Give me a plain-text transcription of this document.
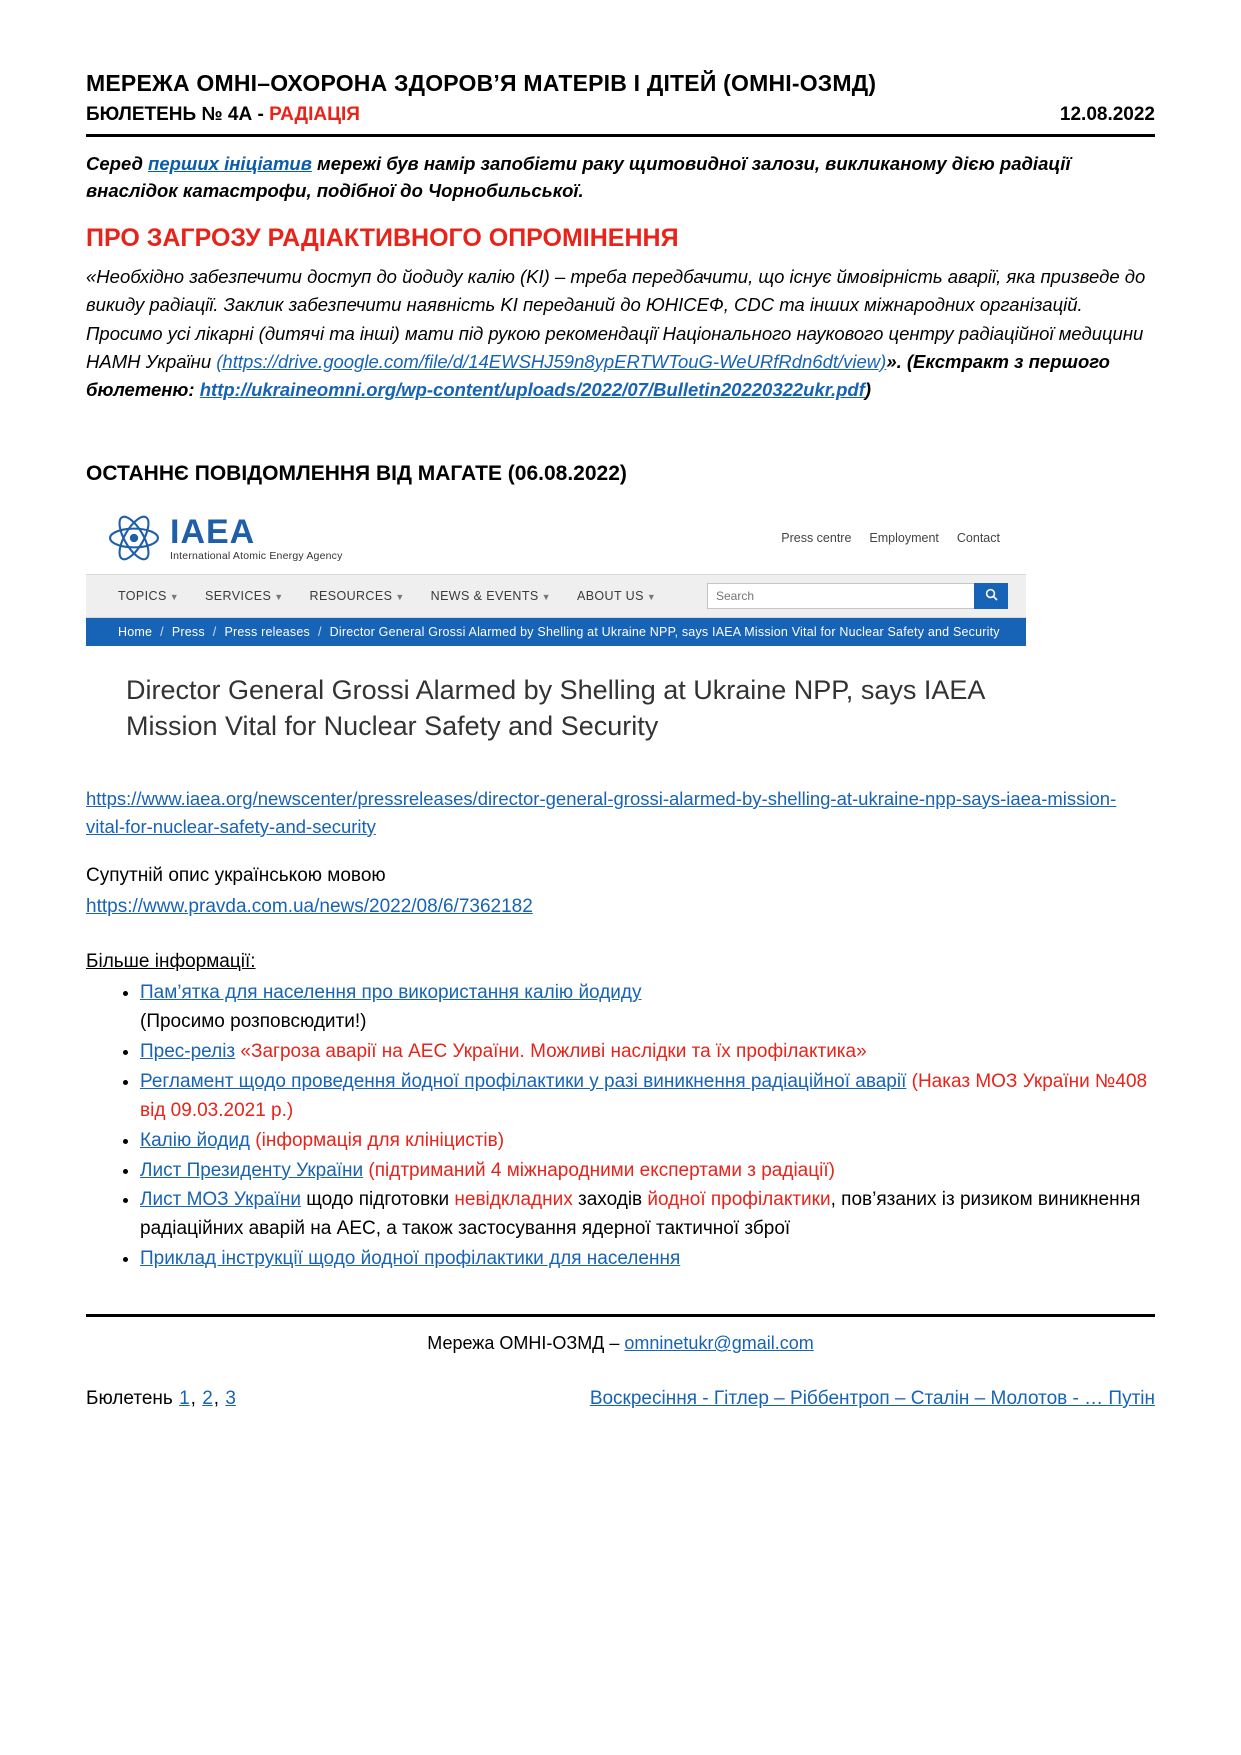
МЕРЕЖА ОМНІ–ОХОРОНА ЗДОРОВ’Я МАТЕРІВ І ДІТЕЙ (ОМНІ-ОЗМД)
БЮЛЕТЕНЬ № 4А - РАДІАЦІЯ	12.08.2022

Серед перших ініціатив мережі був намір запобігти раку щитовидної залози, викликаному дією радіації внаслідок катастрофи, подібної до Чорнобильської.

ПРО ЗАГРОЗУ РАДІАКТИВНОГО ОПРОМІНЕННЯ

«Необхідно забезпечити доступ до йодиду калію (KI) – треба передбачити, що існує ймовірність аварії, яка призведе до викиду радіації. Заклик забезпечити наявність KI переданий до ЮНІСЕФ, CDC та інших міжнародних організацій. Просимо усі лікарні (дитячі та інші) мати під рукою рекомендації Національного наукового центру радіаційної медицини НАМН України (https://drive.google.com/file/d/14EWSHJ59n8ypERTWTouG-WeURfRdn6dt/view)». (Екстракт з першого бюлетеню: http://ukraineomni.org/wp-content/uploads/2022/07/Bulletin20220322ukr.pdf)

ОСТАННЄ ПОВІДОМЛЕННЯ ВІД МАГАТЕ (06.08.2022)
IAEA
International Atomic Energy Agency
Press centre Employment Contact
TOPICS ▼ SERVICES ▼ RESOURCES ▼ NEWS & EVENTS ▼ ABOUT US ▼
Search
Home / Press / Press releases / Director General Grossi Alarmed by Shelling at Ukraine NPP, says IAEA Mission Vital for Nuclear Safety and Security
Director General Grossi Alarmed by Shelling at Ukraine NPP, says IAEA Mission Vital for Nuclear Safety and Security

https://www.iaea.org/newscenter/pressreleases/director-general-grossi-alarmed-by-shelling-at-ukraine-npp-says-iaea-mission-vital-for-nuclear-safety-and-security

Супутній опис українською мовою

https://www.pravda.com.ua/news/2022/08/6/7362182

Більше інформації:

• Пам’ятка для населення про використання калію йодиду
(Просимо розповсюдити!)
• Прес-реліз «Загроза аварії на АЕС України. Можливі наслідки та їх профілактика»
• Регламент щодо проведення йодної профілактики у разі виникнення радіаційної аварії (Наказ МОЗ України №408 від 09.03.2021 р.)
• Калію йодид (інформація для клініцистів)
• Лист Президенту України (підтриманий 4 міжнародними експертами з радіації)
• Лист МОЗ України щодо підготовки невідкладних заходів йодної профілактики, пов’язаних із ризиком виникнення радіаційних аварій на АЕС, а також застосування ядерної тактичної зброї
• Приклад інструкції щодо йодної профілактики для населення
Мережа ОМНІ-ОЗМД – omninetukr@gmail.com
Бюлетень 1, 2, 3	Воскресіння - Гітлер – Ріббентроп – Сталін – Молотов - … Путін
